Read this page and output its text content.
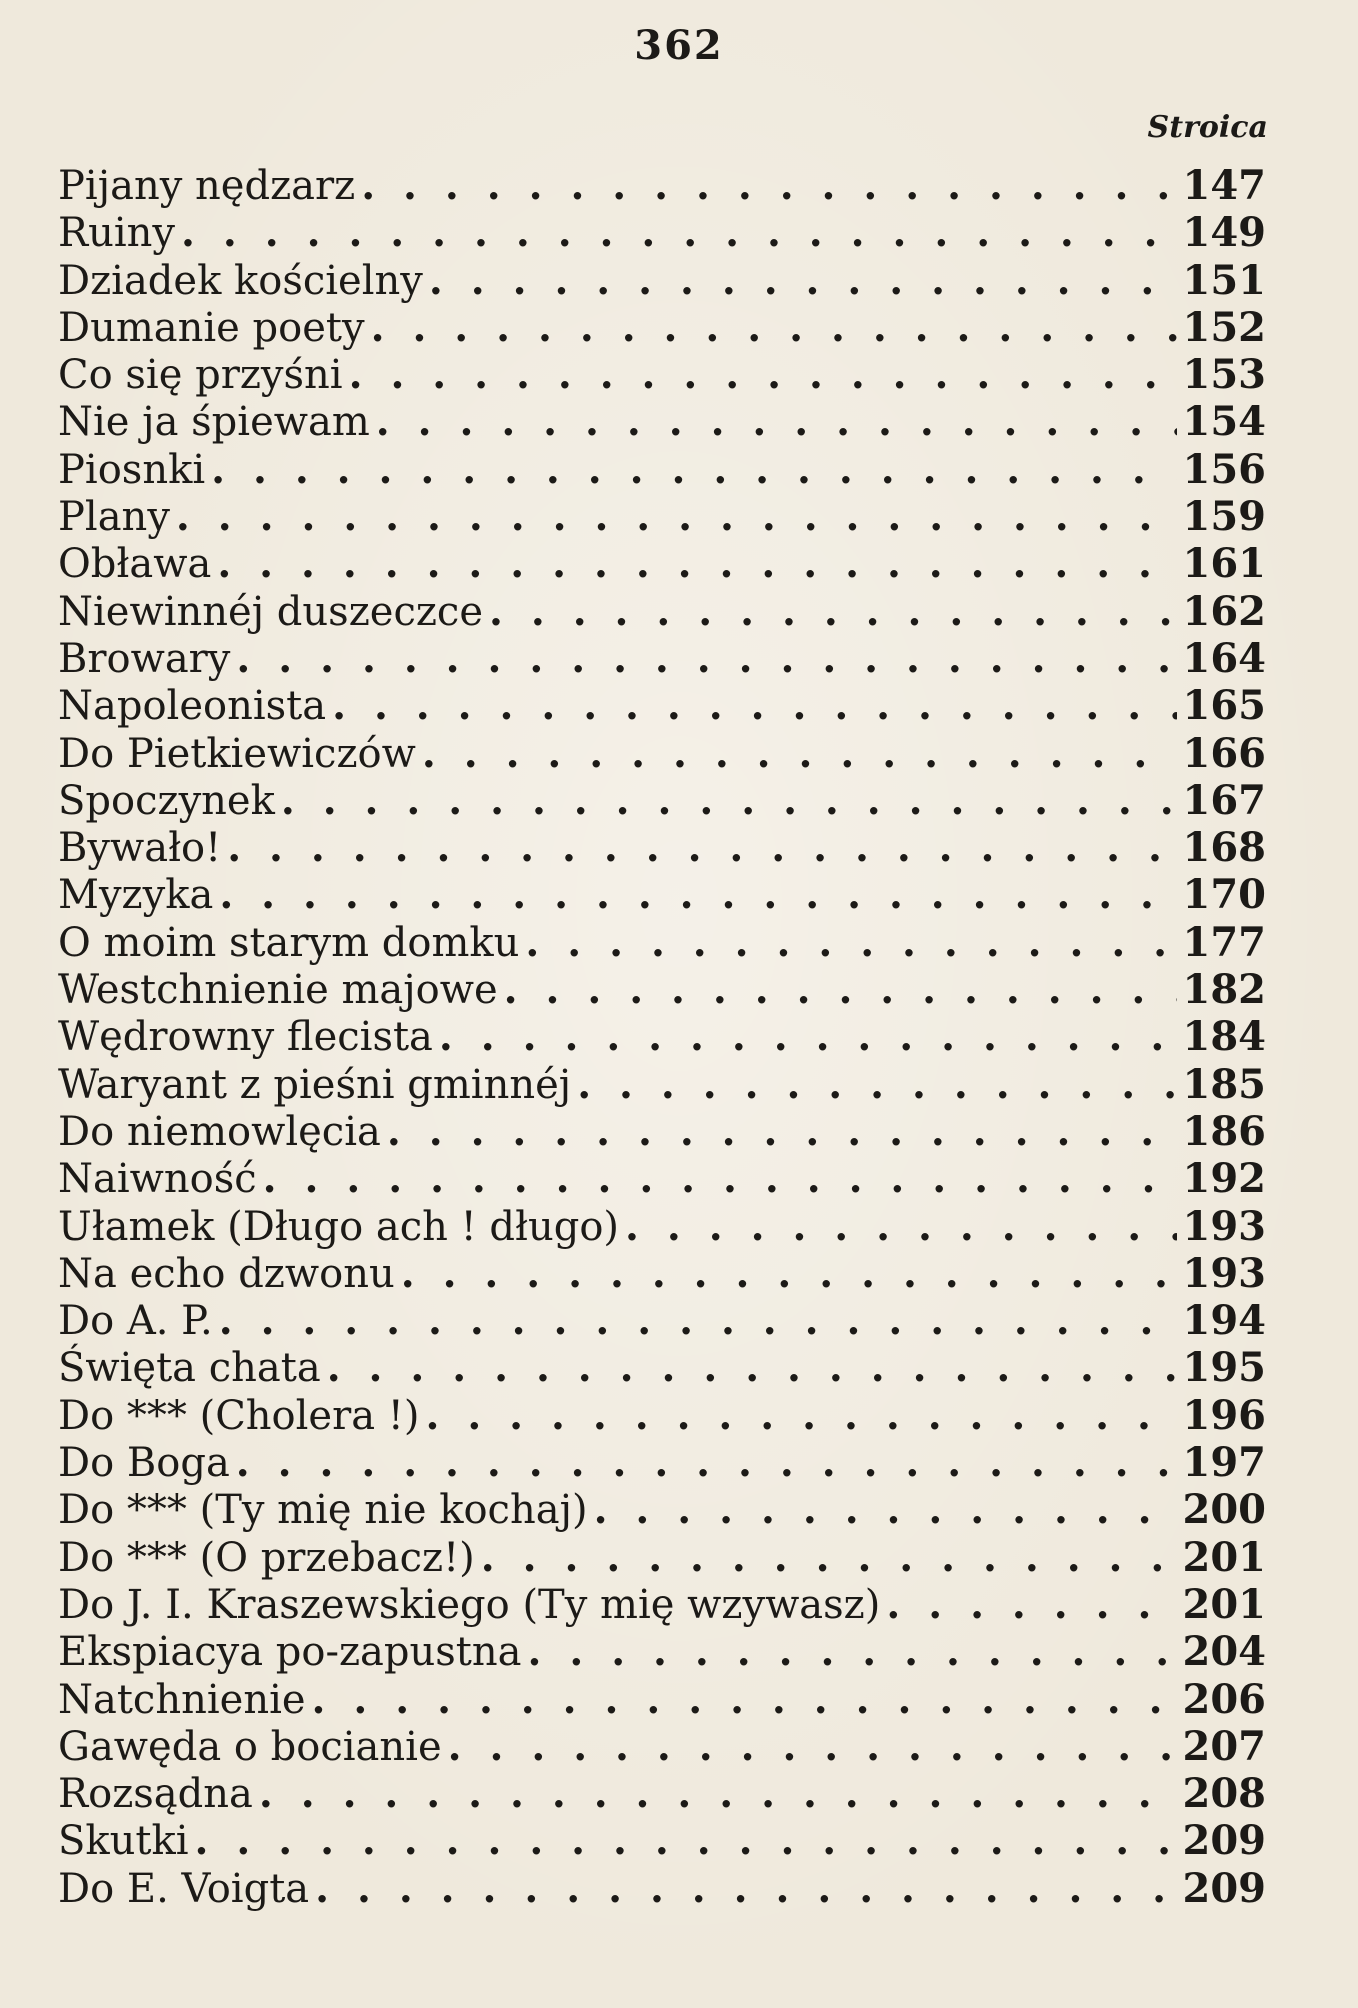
362
Stroica
Pijany nędzarz . . .	147
Ruiny . . .	149
Dziadek kościelny . . .	151
Dumanie poety . . .	152
Co się przyśni . . .	153
Nie ja śpiewam . . .	154
Piosnki . . .	156
Plany . . .	159
Obława . . .	161
Niewinnéj duszeczce . . .	162
Browary . . .	164
Napoleonista . . .	165
Do Pietkiewiczów . . .	166
Spoczynek . . .	167
Bywało! . . .	168
Myzyka . . .	170
O moim starym domku . . .	177
Westchnienie majowe . . .	182
Wędrowny flecista . . .	184
Waryant z pieśni gminnéj . . .	185
Do niemowlęcia . . .	186
Naiwność . . .	192
Ułamek (Długo ach ! długo) . . .	193
Na echo dzwonu . . .	193
Do A. P. . . .	194
Święta chata . . .	195
Do *** (Cholera !) . . .	196
Do Boga . . .	197
Do *** (Ty mię nie kochaj) . . .	200
Do *** (O przebacz!) . . .	201
Do J. I. Kraszewskiego (Ty mię wzywasz) . . .	201
Ekspiacya po-zapustna . . .	204
Natchnienie . . .	206
Gawęda o bocianie . . .	207
Rozsądna . . .	208
Skutki . . .	209
Do E. Voigta . . .	209
